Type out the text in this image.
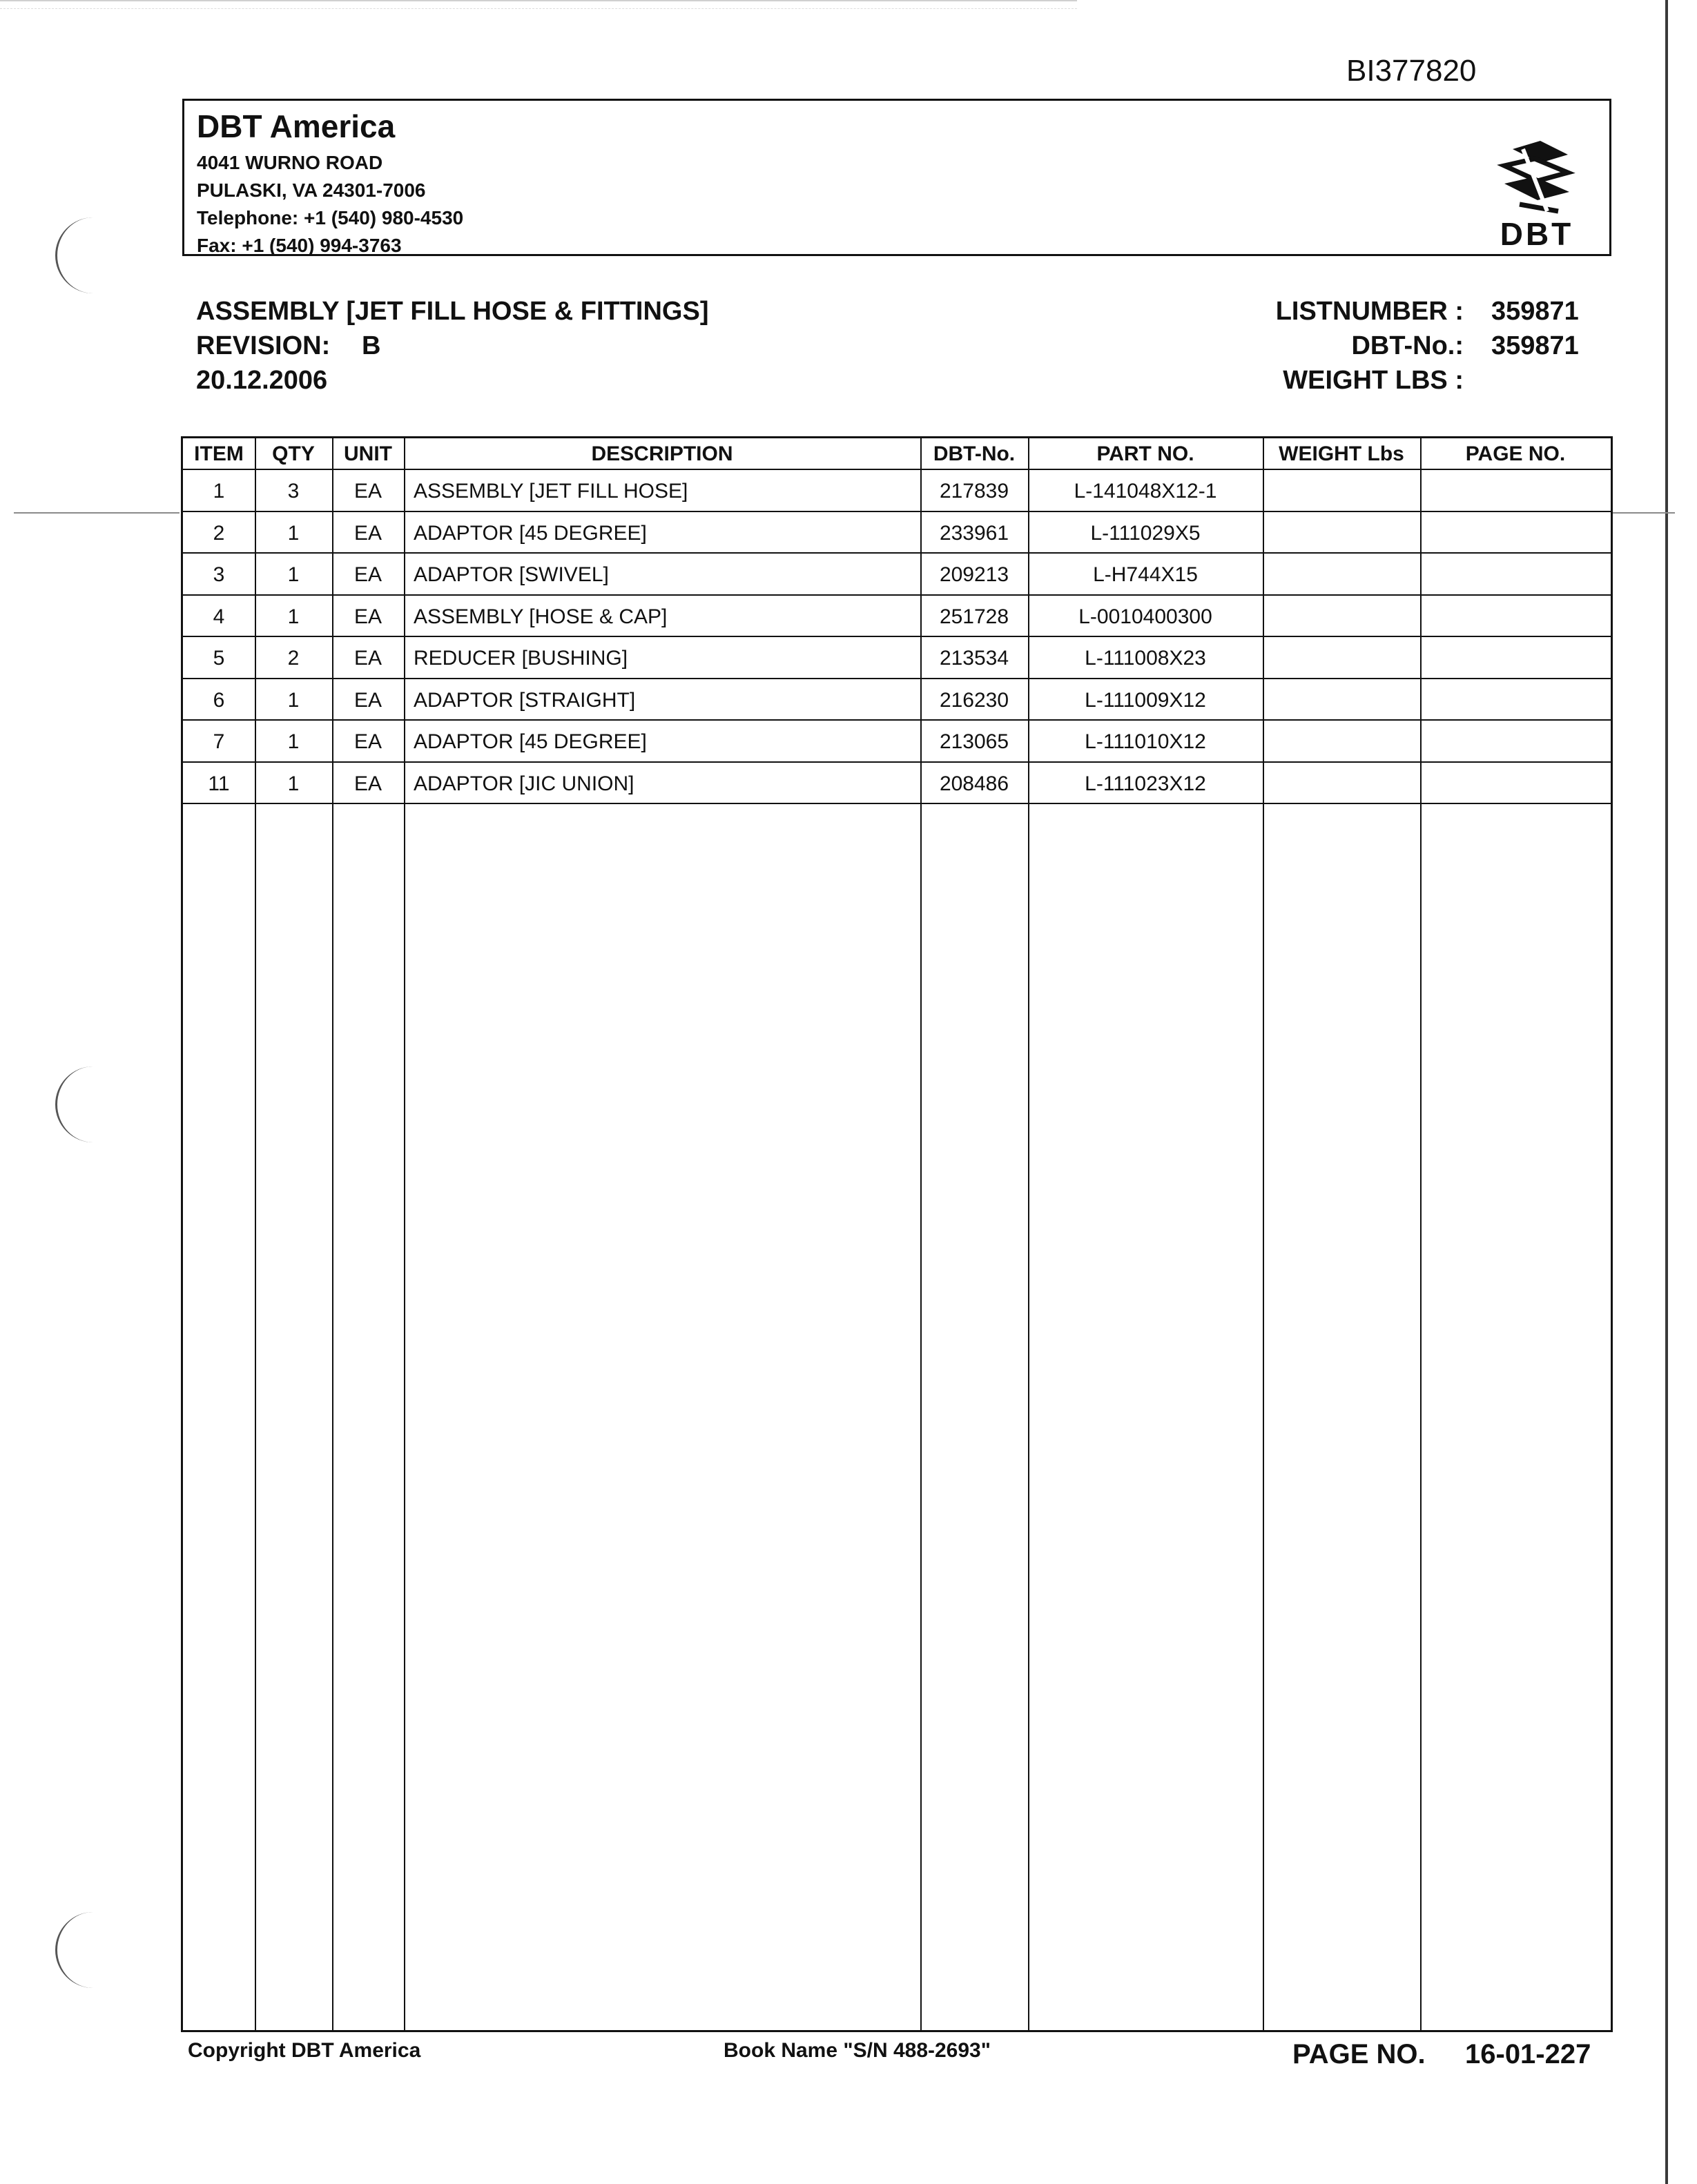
BI377820
DBT America
4041 WURNO ROAD
PULASKI, VA 24301-7006
Telephone: +1 (540) 980-4530
Fax: +1 (540) 994-3763	DBT
ASSEMBLY [JET FILL HOSE & FITTINGS]
REVISION: B
20.12.2006
LISTNUMBER : 359871
DBT-No.: 359871
WEIGHT LBS :
ITEM	QTY	UNIT	DESCRIPTION	DBT-No.	PART NO.	WEIGHT Lbs	PAGE NO.
1	3	EA	ASSEMBLY [JET FILL HOSE]	217839	L-141048X12-1
2	1	EA	ADAPTOR [45 DEGREE]	233961	L-111029X5
3	1	EA	ADAPTOR [SWIVEL]	209213	L-H744X15
4	1	EA	ASSEMBLY [HOSE & CAP]	251728	L-0010400300
5	2	EA	REDUCER [BUSHING]	213534	L-111008X23
6	1	EA	ADAPTOR [STRAIGHT]	216230	L-111009X12
7	1	EA	ADAPTOR [45 DEGREE]	213065	L-111010X12
11	1	EA	ADAPTOR [JIC UNION]	208486	L-111023X12
Copyright DBT America	Book Name "S/N 488-2693"	PAGE NO. 16-01-227
